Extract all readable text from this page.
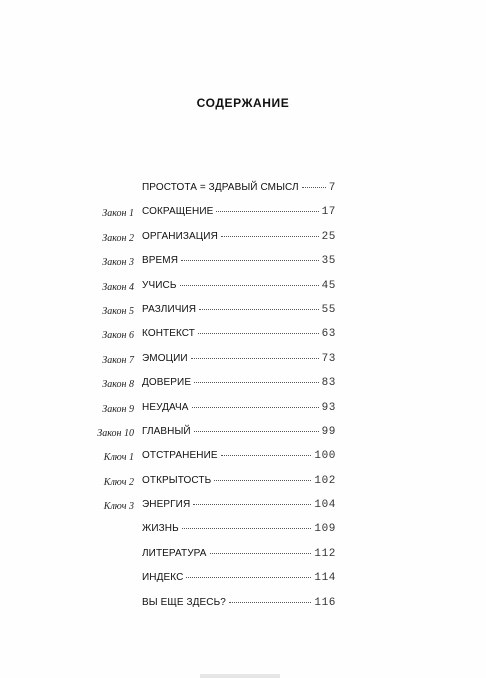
СОДЕРЖАНИЕ
ПРОСТОТА = ЗДРАВЫЙ СМЫСЛ	7
Закон 1 СОКРАЩЕНИЕ	17
Закон 2 ОРГАНИЗАЦИЯ	25
Закон 3 ВРЕМЯ	35
Закон 4 УЧИСЬ	45
Закон 5 РАЗЛИЧИЯ	55
Закон 6 КОНТЕКСТ	63
Закон 7 ЭМОЦИИ	73
Закон 8 ДОВЕРИЕ	83
Закон 9 НЕУДАЧА	93
Закон 10 ГЛАВНЫЙ	99
Ключ 1 ОТСТРАНЕНИЕ	100
Ключ 2 ОТКРЫТОСТЬ	102
Ключ 3 ЭНЕРГИЯ	104
ЖИЗНЬ	109
ЛИТЕРАТУРА	112
ИНДЕКС	114
ВЫ ЕЩЕ ЗДЕСЬ?	116
